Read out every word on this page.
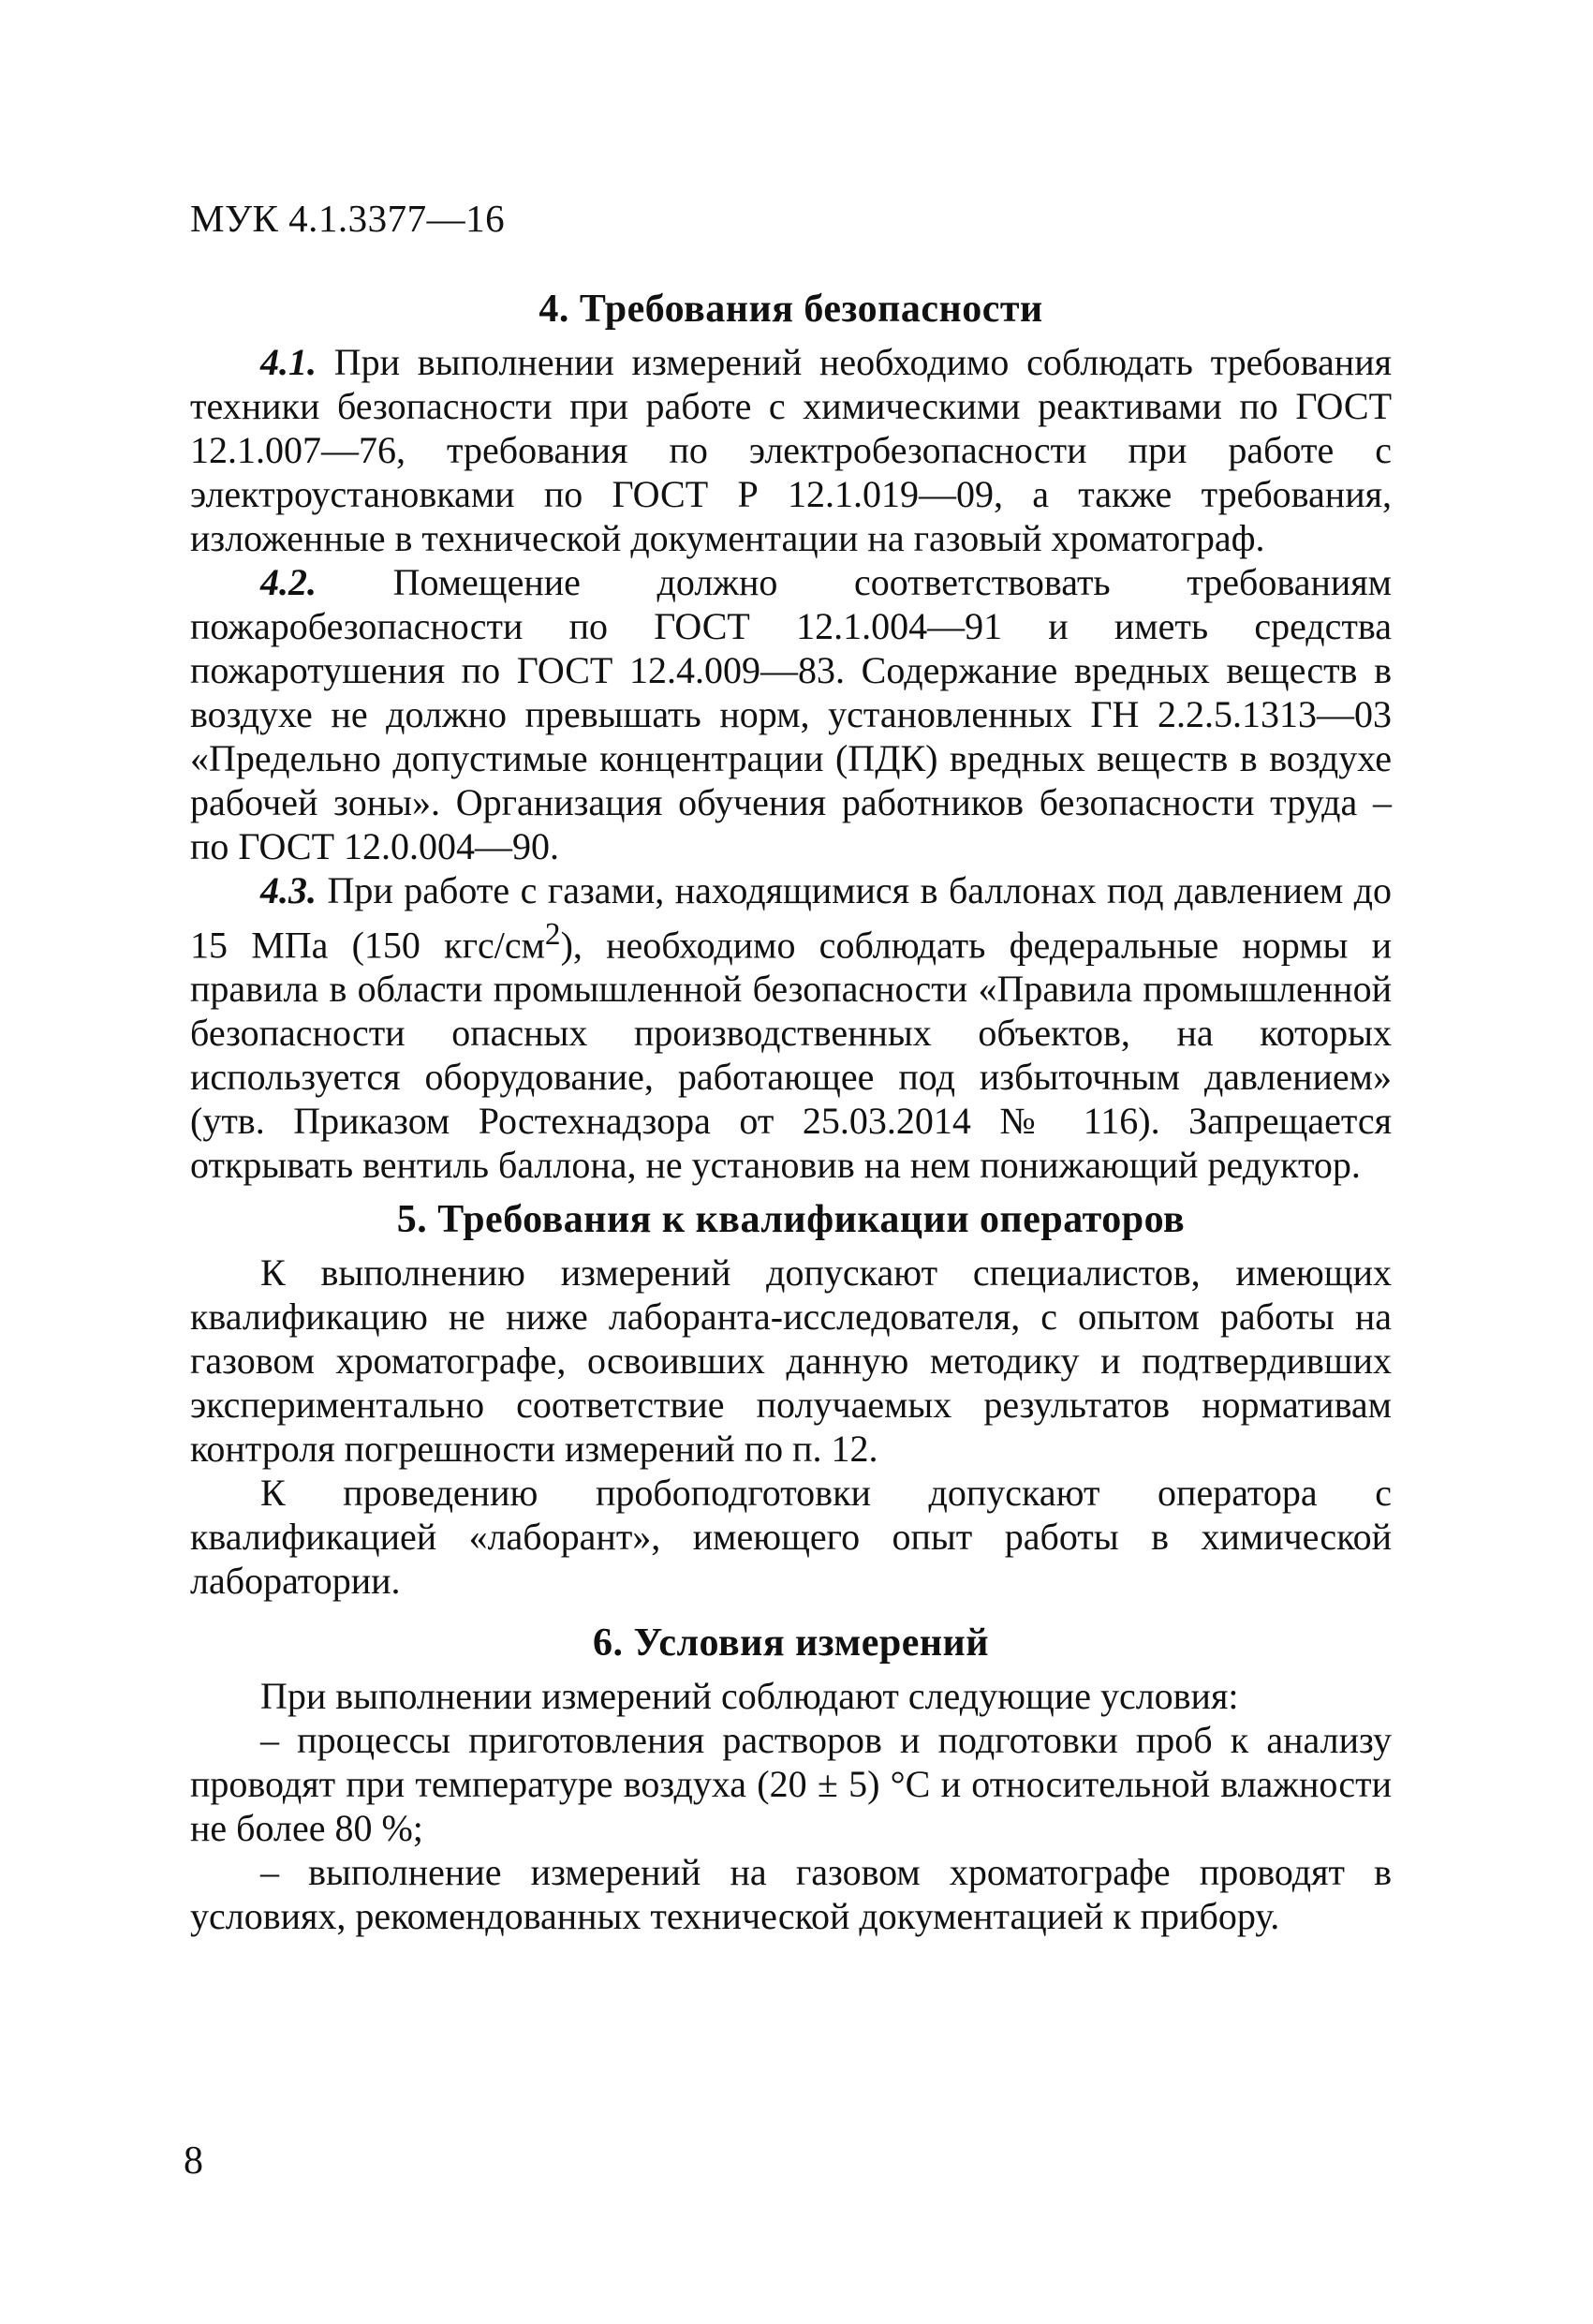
МУК 4.1.3377—16
4. Требования безопасности

4.1. При выполнении измерений необходимо соблюдать требования техники безопасности при работе с химическими реактивами по ГОСТ 12.1.007—76, требования по электробезопасности при работе с электроустановками по ГОСТ Р 12.1.019—09, а также требования, изложенные в технической документации на газовый хроматограф.

4.2. Помещение должно соответствовать требованиям пожаробезопасности по ГОСТ 12.1.004—91 и иметь средства пожаротушения по ГОСТ 12.4.009—83. Содержание вредных веществ в воздухе не должно превышать норм, установленных ГН 2.2.5.1313—03 «Предельно допустимые концентрации (ПДК) вредных веществ в воздухе рабочей зоны». Организация обучения работников безопасности труда – по ГОСТ 12.0.004—90.

4.3. При работе с газами, находящимися в баллонах под давлением до 15 МПа (150 кгс/$см^2$), необходимо соблюдать федеральные нормы и правила в области промышленной безопасности «Правила промышленной безопасности опасных производственных объектов, на которых используется оборудование, работающее под избыточным давлением» (утв. Приказом Ростехнадзора от 25.03.2014 № 116). Запрещается открывать вентиль баллона, не установив на нем понижающий редуктор.

5. Требования к квалификации операторов

К выполнению измерений допускают специалистов, имеющих квалификацию не ниже лаборанта-исследователя, с опытом работы на газовом хроматографе, освоивших данную методику и подтвердивших экспериментально соответствие получаемых результатов нормативам контроля погрешности измерений по п. 12.

К проведению пробоподготовки допускают оператора с квалификацией «лаборант», имеющего опыт работы в химической лаборатории.

6. Условия измерений

При выполнении измерений соблюдают следующие условия:

– процессы приготовления растворов и подготовки проб к анализу проводят при температуре воздуха (20 ± 5) °С и относительной влажности не более 80 %;

– выполнение измерений на газовом хроматографе проводят в условиях, рекомендованных технической документацией к прибору.

8
